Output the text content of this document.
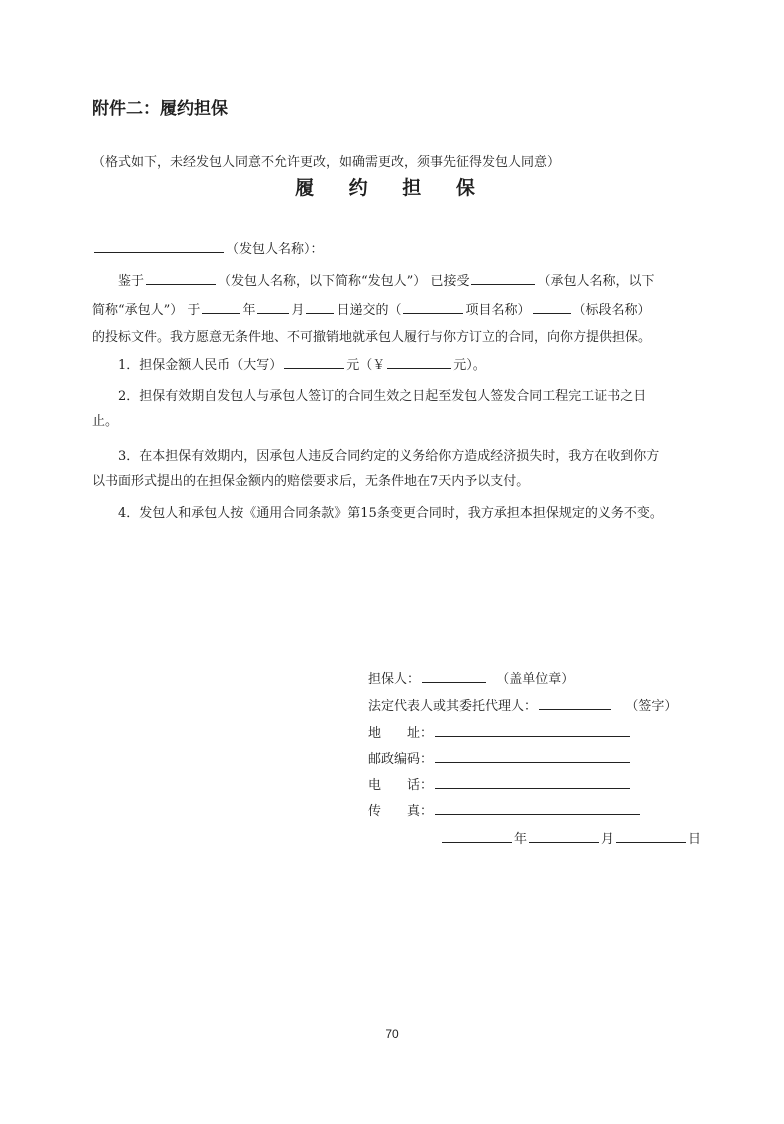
附件二：履约担保
（格式如下，未经发包人同意不允许更改，如确需更改，须事先征得发包人同意）
履 约 担 保
（发包人名称）：
鉴于	（发包人名称，以下简称“发包人”） 已接受	（承包人名称，以下
简称“承包人”） 于	年	月 日递交的（	项目名称）	（标段名称）
的投标文件。我方愿意无条件地、不可撤销地就承包人履行与你方订立的合同，向你方提供担保。
1．担保金额人民币（大写）	元（￥	元）。
2．担保有效期自发包人与承包人签订的合同生效之日起至发包人签发合同工程完工证书之日
止。
3．在本担保有效期内，因承包人违反合同约定的义务给你方造成经济损失时，我方在收到你方
以书面形式提出的在担保金额内的赔偿要求后，无条件地在7天内予以支付。
4．发包人和承包人按《通用合同条款》第15条变更合同时，我方承担本担保规定的义务不变。
担保人：	（盖单位章）
法定代表人或其委托代理人：	（签字）
地　　址：
邮政编码：
电　　话：
传　　真：
年	月	日
70
